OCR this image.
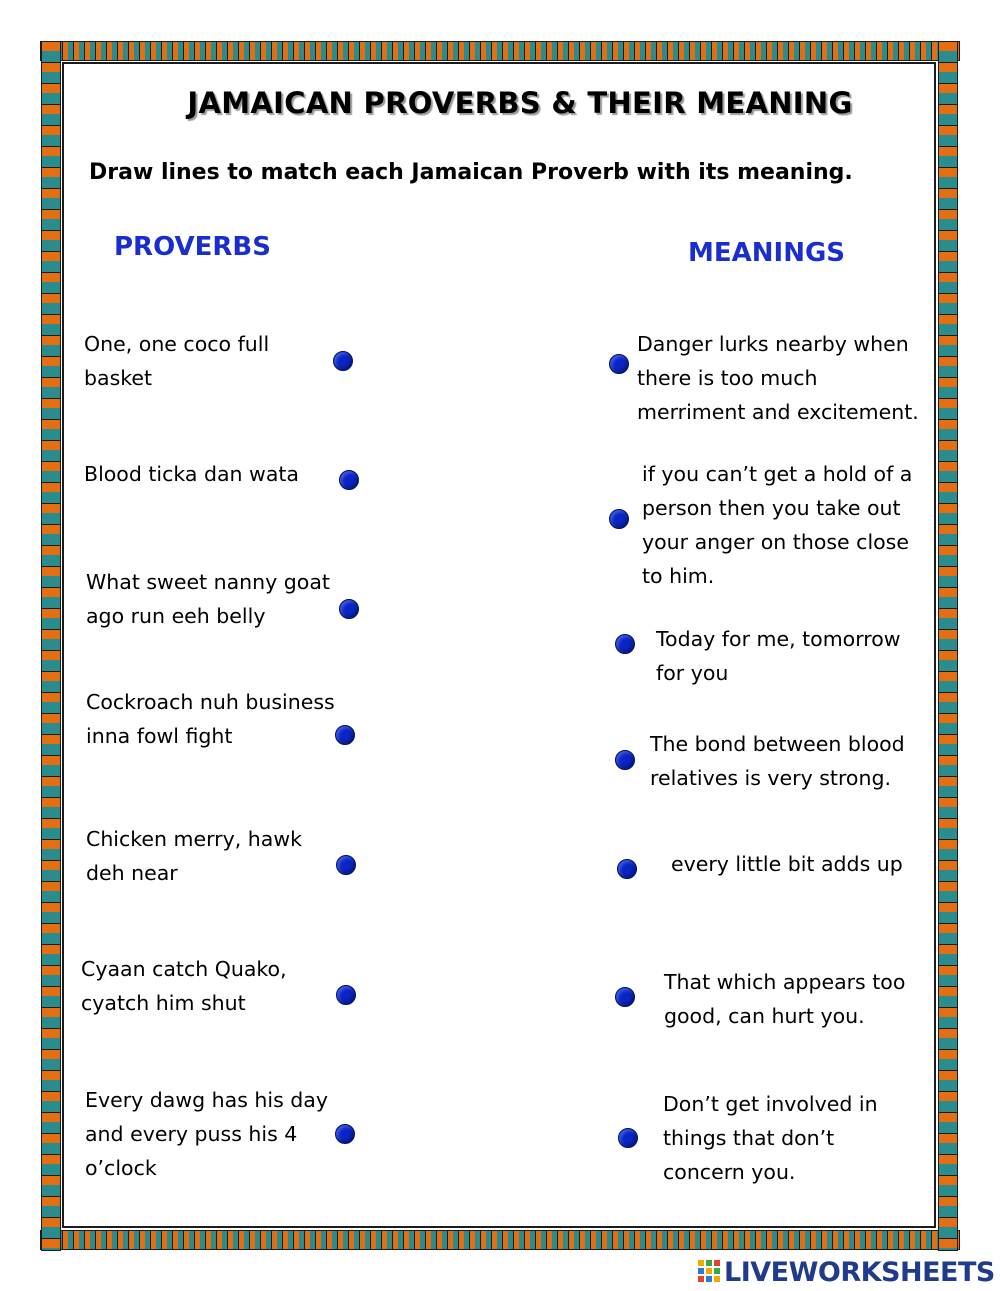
JAMAICAN PROVERBS & THEIR MEANING
Draw lines to match each Jamaican Proverb with its meaning.
PROVERBS	MEANINGS
One, one coco full
basket
Blood ticka dan wata
What sweet nanny goat
ago run eeh belly
Cockroach nuh business
inna fowl fight
Chicken merry, hawk
deh near
Cyaan catch Quako,
cyatch him shut
Every dawg has his day
and every puss his 4
o’clock
Danger lurks nearby when
there is too much
merriment and excitement.
if you can’t get a hold of a
person then you take out
your anger on those close
to him.
Today for me, tomorrow
for you
The bond between blood
relatives is very strong.
every little bit adds up
That which appears too
good, can hurt you.
Don’t get involved in
things that don’t
concern you.
LIVEWORKSHEETS
